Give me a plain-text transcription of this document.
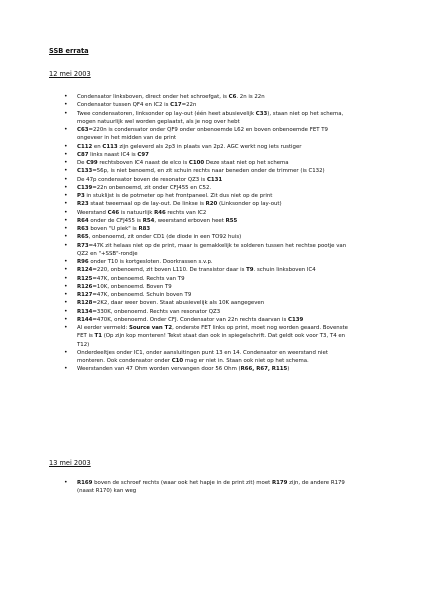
SSB errata
12 mei 2003
• Condensator linksboven, direct onder het schroefgat, is C6. 2n is 22n
• Condensator tussen QF4 en IC2 is C17=22n
• Twee condensatoren, linksonder op lay-out (één heet abusievelijk C33), staan niet op het schema, mogen natuurlijk wel worden geplaatst, als je nog over hebt
• C63=220n is condensator onder QF9 onder onbenoemde L62 en boven onbenoemde FET T9 ongeveer in het midden van de print
• C112 en C113 zijn geleverd als 2p3 in plaats van 2p2. AGC werkt nog iets rustiger
• C87 links naast IC4 is C97
• De C99 rechtsboven IC4 naast de elco is C100 Deze staat niet op het schema
• C133=56p, is niet benoemd, en zit schuin rechts naar beneden onder de trimmer (is C132)
• De 47p condensator boven de resonator QZ3 is C131
• C139=22n onbenoemd, zit onder CFJ455 en C52.
• P3 in stuklijst is de potmeter op het frontpaneel. Zit dus niet op de print
• R23 staat tweemaal op de lay-out. De linkse is R20 (Linksonder op lay-out)
• Weerstand C46 is natuurlijk R46 rechts van IC2
• R64 onder de CFJ455 is R54, weerstand erboven heet R55
• R63 boven "U piek" is R83
• R65, onbenoemd, zit onder CD1 (de diode in een TO92 huis)
• R73=47K zit helaas niet op de print, maar is gemakkelijk te solderen tussen het rechtse pootje van QZ2 en "+SSB"-rondje
• R96 onder T10 is kortgesloten. Doorkrassen s.v.p.
• R124=220, onbenoemd, zit boven L110. De transistor daar is T9. schuin linksboven IC4
• R125=47K, onbenoemd. Rechts van T9
• R126=10K, onbenoemd. Boven T9
• R127=47K, onbenoemd. Schuin boven T9
• R128=2K2, daar weer boven. Staat abusievelijk als 10K aangegeven
• R134=330K, onbenoemd. Rechts van resonator QZ3
• R144=470K, onbenoemd. Onder CFJ. Condensator van 22n rechts daarvan is C139
• Al eerder vermeld: Source van T2, onderste FET links op print, moet nog worden geaard. Bovenste FET is T1 (Op zijn kop monteren! Tekst staat dan ook in spiegelschrift. Dat geldt ook voor T3, T4 en T12)
• Onderdeeltjes onder IC1, onder aansluitingen punt 13 en 14. Condensator en weerstand niet monteren. Ook condensator onder C10 mag er niet in. Staan ook niet op het schema.
• Weerstanden van 47 Ohm worden vervangen door 56 Ohm (R66, R67, R115)
13 mei 2003
• R169 boven de schroef rechts (waar ook het hapje in de print zit) moet R179 zijn, de andere R179 (naast R170) kan weg
